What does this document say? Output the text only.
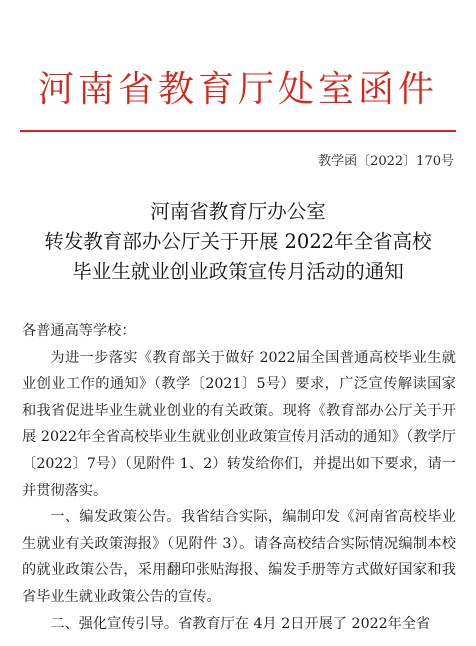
河南省教育厅处室函件
教学函〔2022〕170号
河南省教育厅办公室
转发教育部办公厅关于开展 2022年全省高校
毕业生就业创业政策宣传月活动的通知
各普通高等学校：

为进一步落实《教育部关于做好 2022届全国普通高校毕业生就业创业工作的通知》（教学〔2021〕5号）要求，广泛宣传解读国家和我省促进毕业生就业创业的有关政策。现将《教育部办公厅关于开展 2022年全省高校毕业生就业创业政策宣传月活动的通知》（教学厅〔2022〕7号）（见附件 1、2）转发给你们，并提出如下要求，请一并贯彻落实。

一、编发政策公告。我省结合实际，编制印发《河南省高校毕业生就业有关政策海报》（见附件 3）。请各高校结合实际情况编制本校的就业政策公告，采用翻印张贴海报、编发手册等方式做好国家和我省毕业生就业政策公告的宣传。

二、强化宣传引导。省教育厅在 4月 2日开展了 2022年全省
